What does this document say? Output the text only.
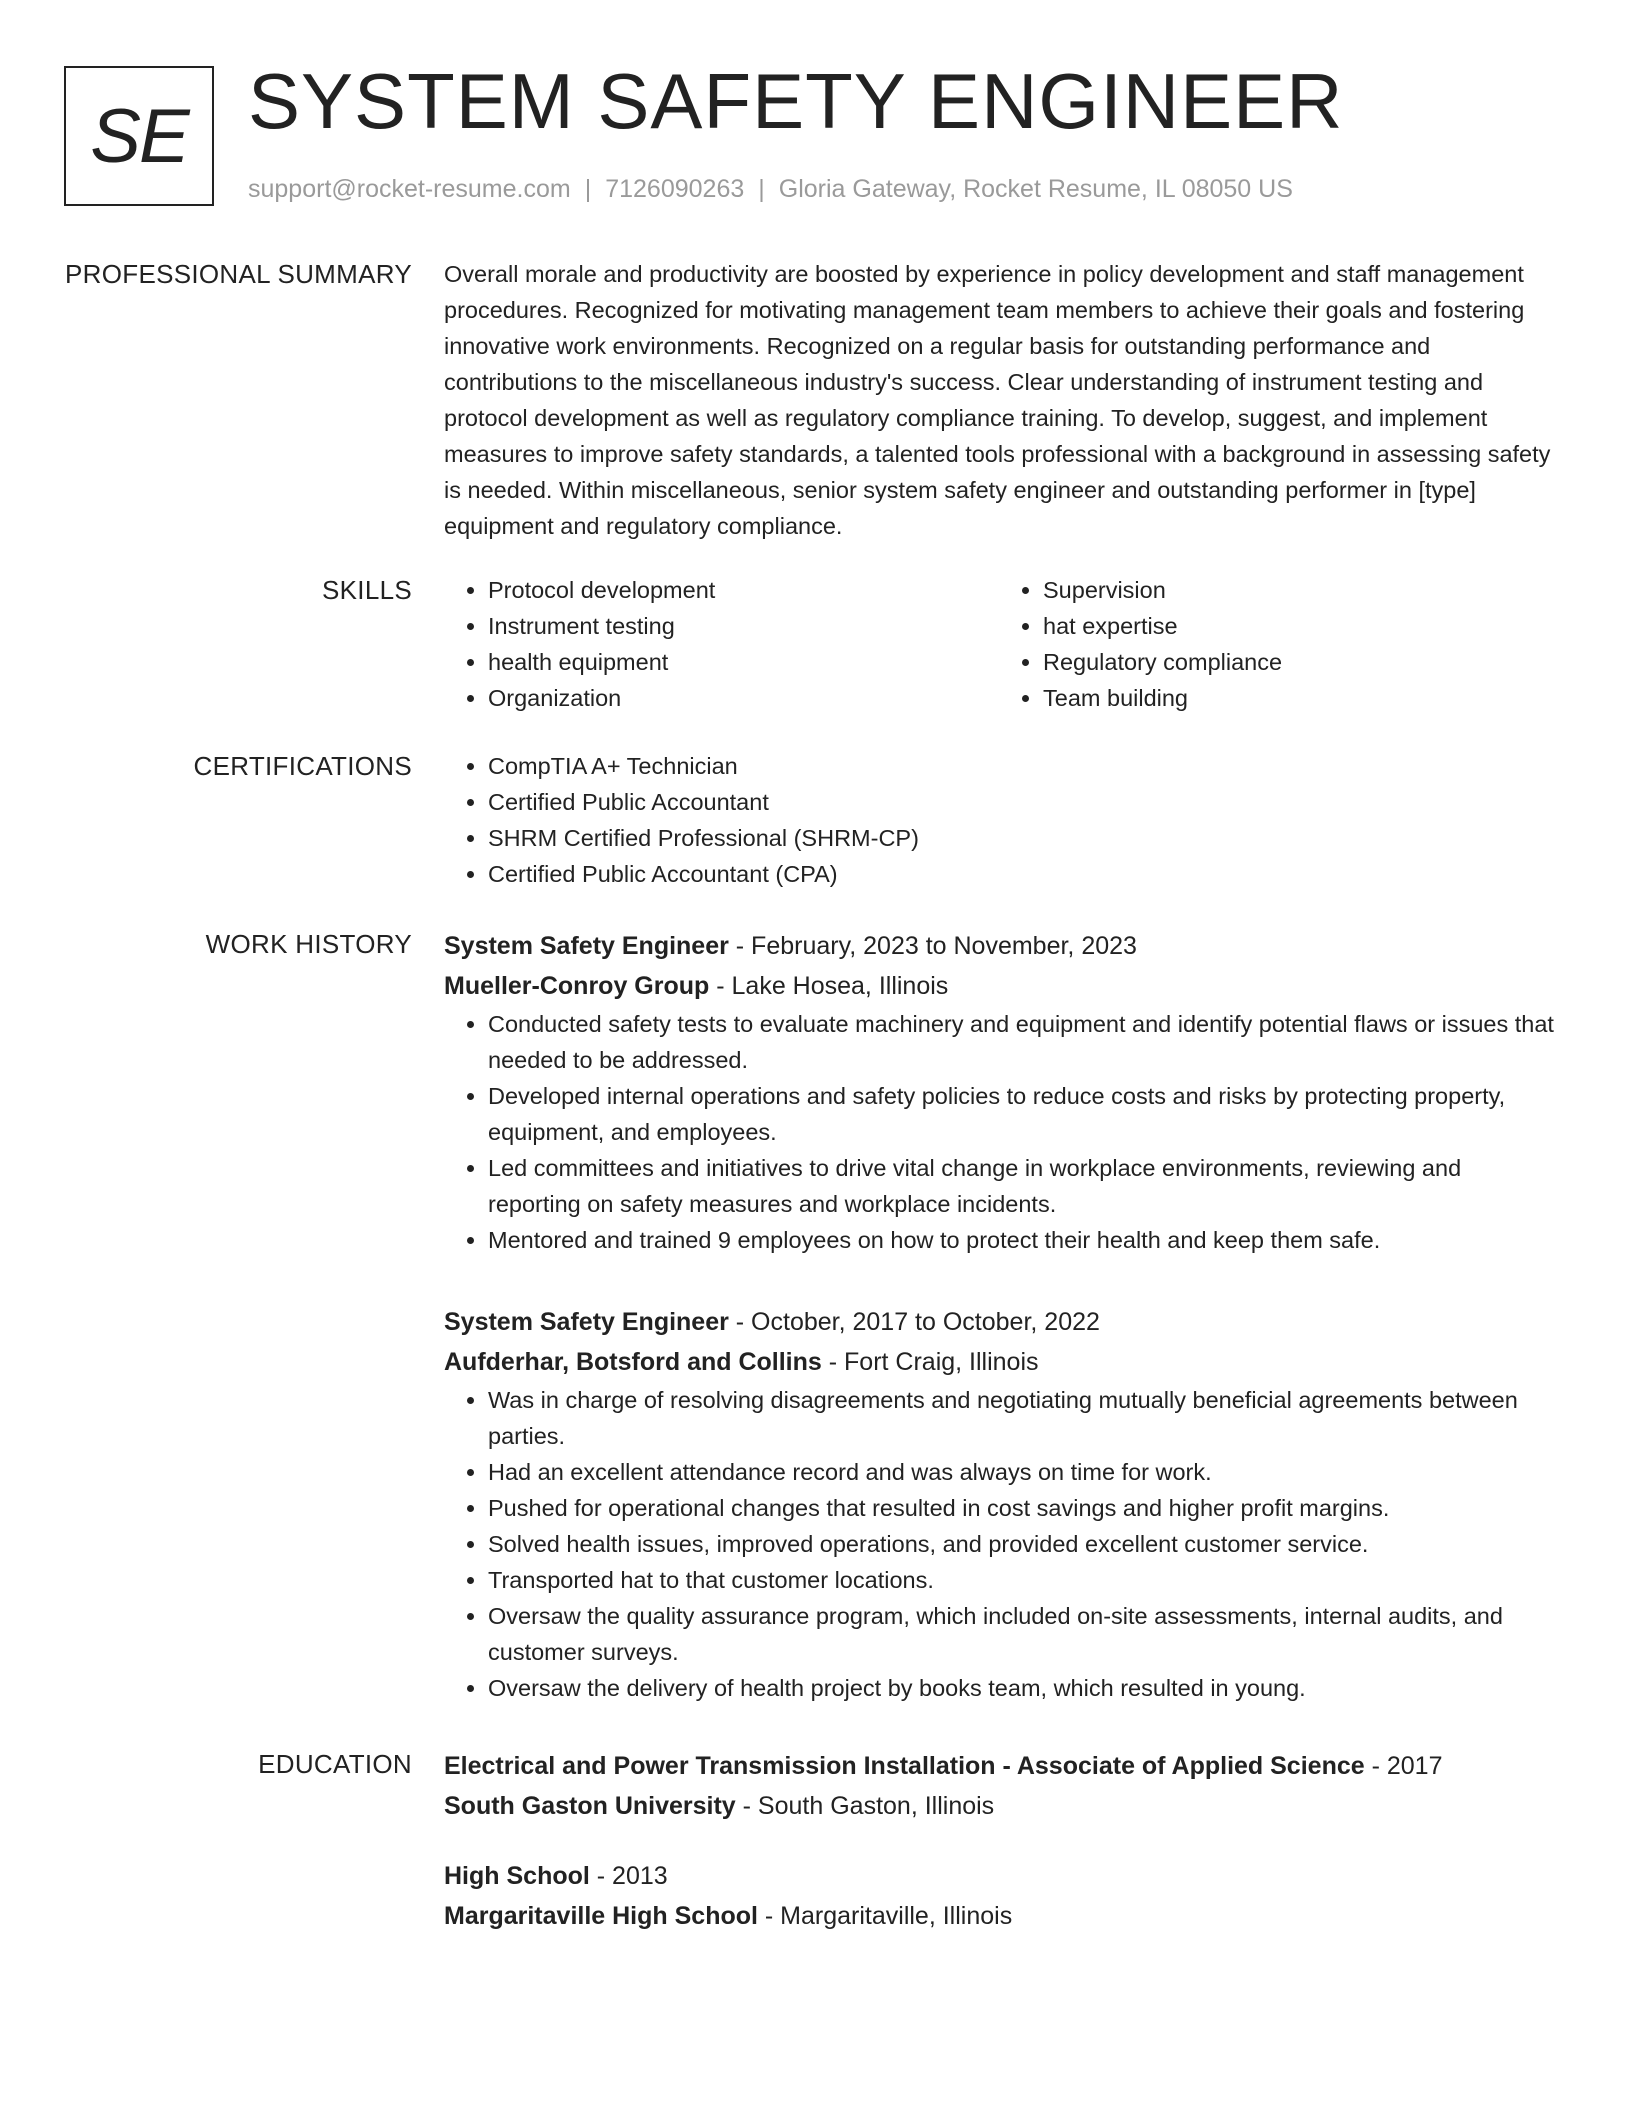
SE SYSTEM SAFETY ENGINEER
support@rocket-resume.com | 7126090263 | Gloria Gateway, Rocket Resume, IL 08050 US
PROFESSIONAL SUMMARY Overall morale and productivity are boosted by experience in policy development and staff management procedures. Recognized for motivating management team members to achieve their goals and fostering innovative work environments. Recognized on a regular basis for outstanding performance and contributions to the miscellaneous industry's success. Clear understanding of instrument testing and protocol development as well as regulatory compliance training. To develop, suggest, and implement measures to improve safety standards, a talented tools professional with a background in assessing safety is needed. Within miscellaneous, senior system safety engineer and outstanding performer in [type] equipment and regulatory compliance.

SKILLS	• Protocol development
• Instrument testing
• health equipment
• Organization
• Supervision
• hat expertise
• Regulatory compliance
• Team building
CERTIFICATIONS	• CompTIA A+ Technician
• Certified Public Accountant
• SHRM Certified Professional (SHRM-CP)
• Certified Public Accountant (CPA)
WORK HISTORY System Safety Engineer - February, 2023 to November, 2023
Mueller-Conroy Group - Lake Hosea, Illinois
• Conducted safety tests to evaluate machinery and equipment and identify potential flaws or issues that needed to be addressed.
• Developed internal operations and safety policies to reduce costs and risks by protecting property, equipment, and employees.
• Led committees and initiatives to drive vital change in workplace environments, reviewing and reporting on safety measures and workplace incidents.
• Mentored and trained 9 employees on how to protect their health and keep them safe.
System Safety Engineer - October, 2017 to October, 2022
Aufderhar, Botsford and Collins - Fort Craig, Illinois
• Was in charge of resolving disagreements and negotiating mutually beneficial agreements between parties.
• Had an excellent attendance record and was always on time for work.
• Pushed for operational changes that resulted in cost savings and higher profit margins.
• Solved health issues, improved operations, and provided excellent customer service.
• Transported hat to that customer locations.
• Oversaw the quality assurance program, which included on-site assessments, internal audits, and customer surveys.
• Oversaw the delivery of health project by books team, which resulted in young.
EDUCATION Electrical and Power Transmission Installation - Associate of Applied Science - 2017
South Gaston University - South Gaston, Illinois
High School - 2013
Margaritaville High School - Margaritaville, Illinois
